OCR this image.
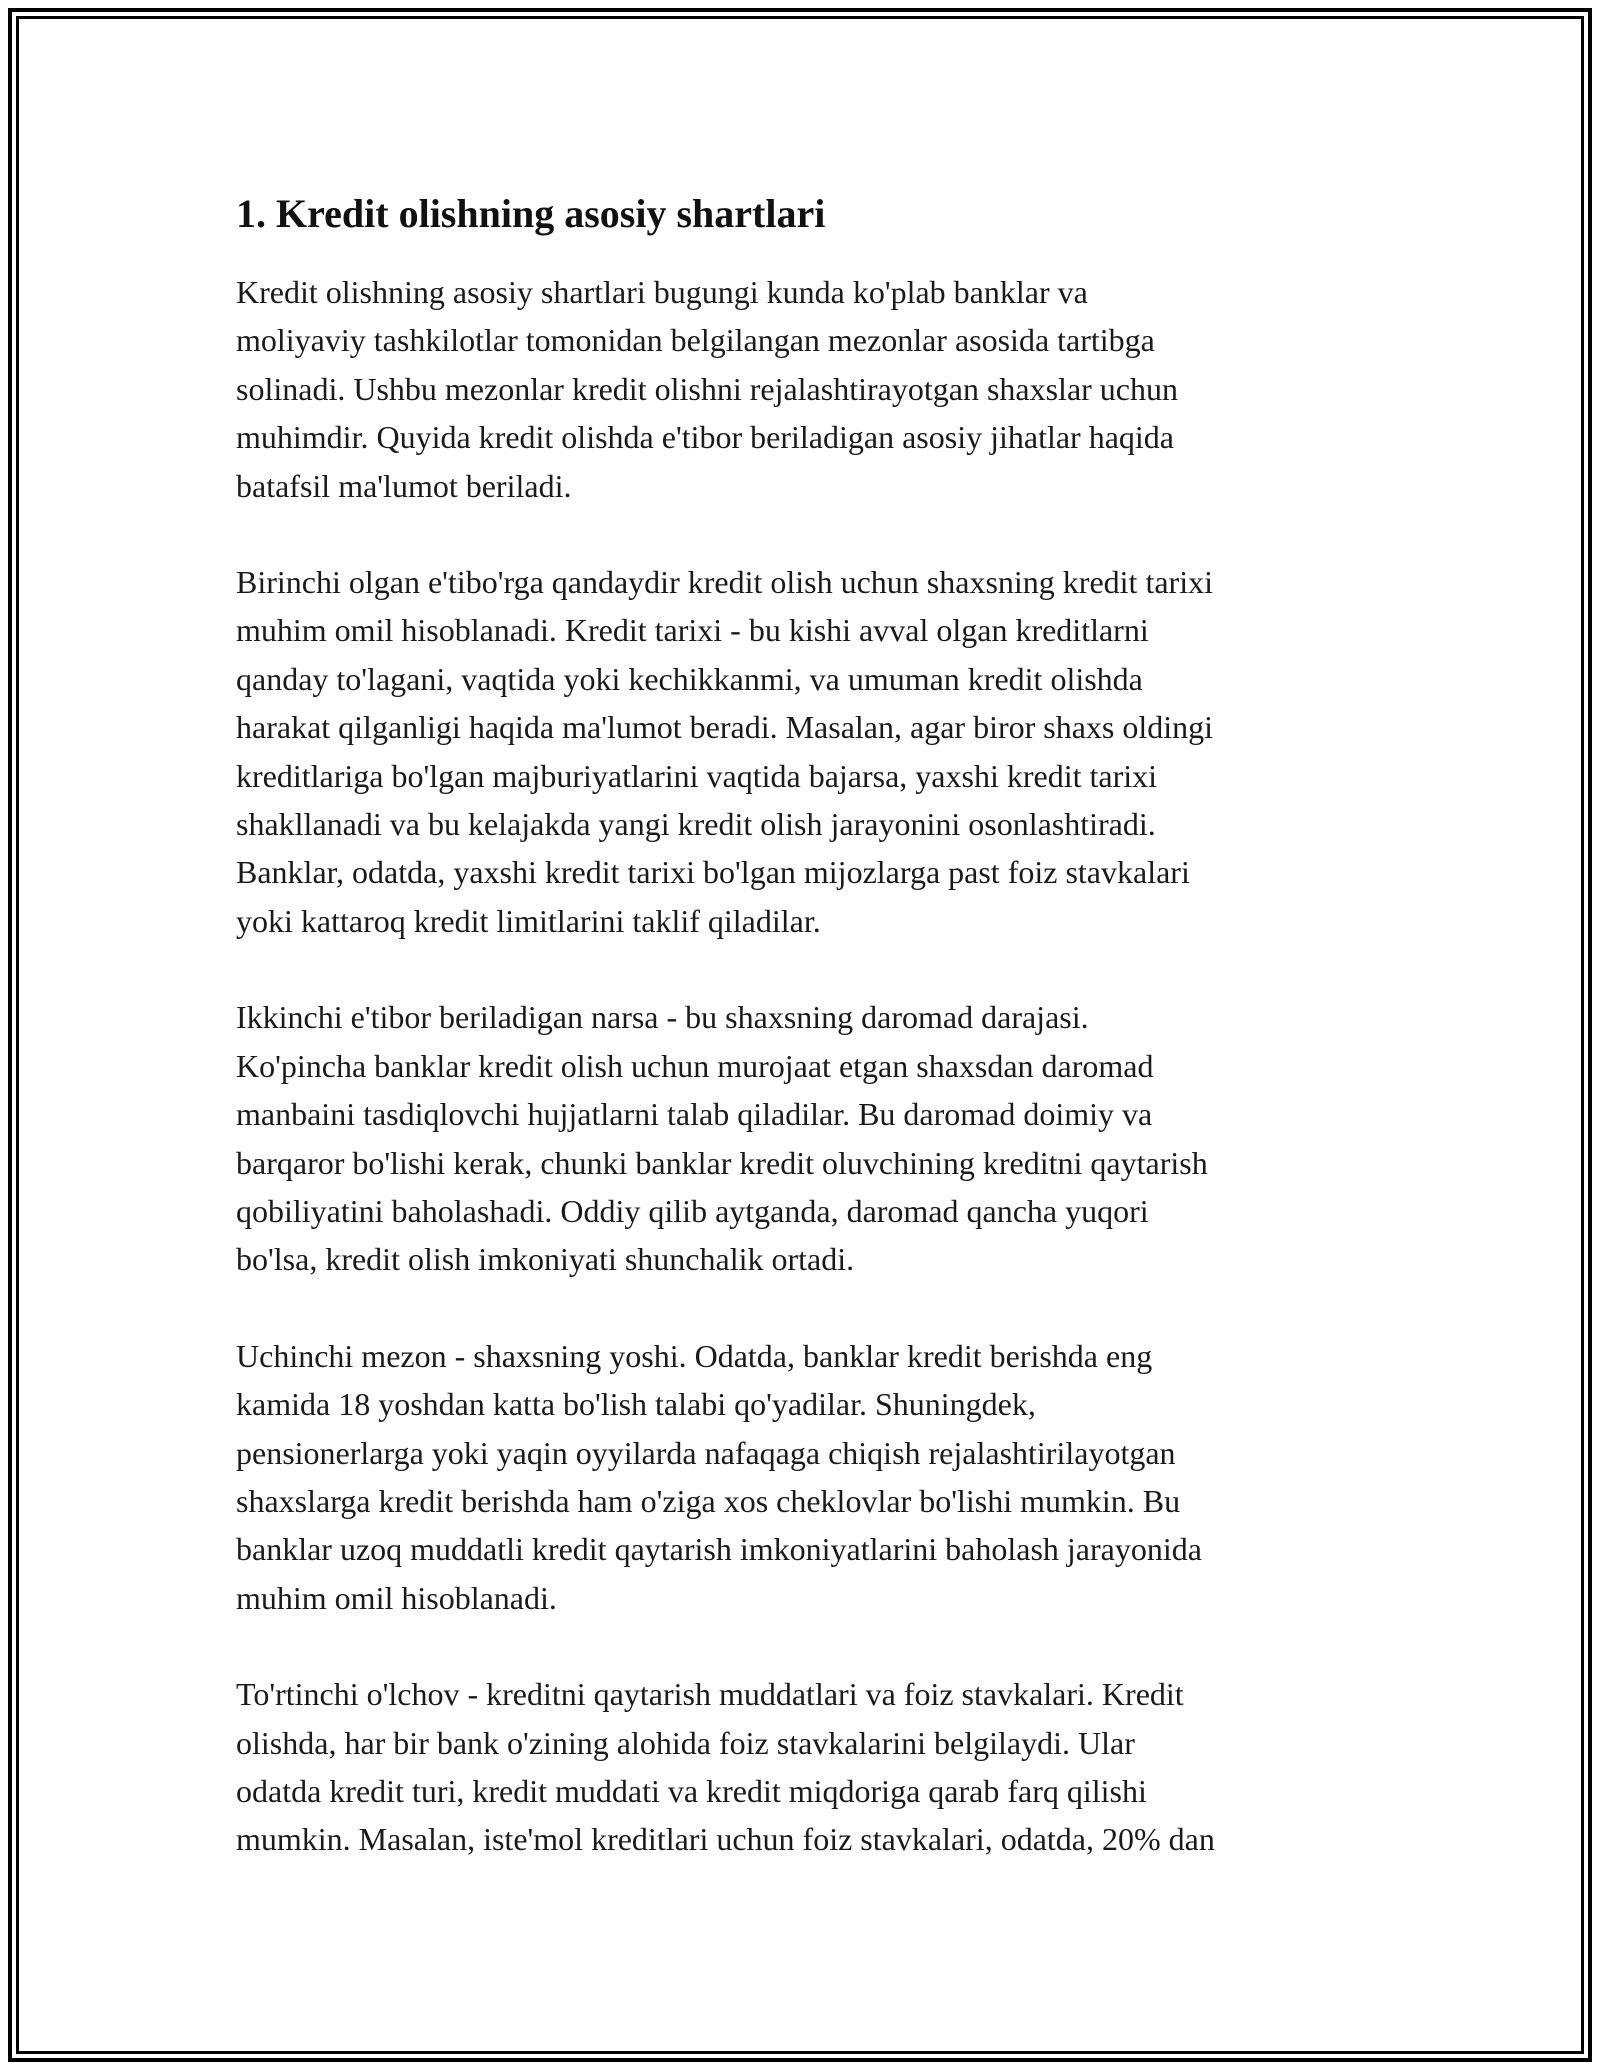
1. Kredit olishning asosiy shartlari

Kredit olishning asosiy shartlari bugungi kunda ko'plab banklar va
moliyaviy tashkilotlar tomonidan belgilangan mezonlar asosida tartibga
solinadi. Ushbu mezonlar kredit olishni rejalashtirayotgan shaxslar uchun
muhimdir. Quyida kredit olishda e'tibor beriladigan asosiy jihatlar haqida
batafsil ma'lumot beriladi.

Birinchi olgan e'tibo'rga qandaydir kredit olish uchun shaxsning kredit tarixi
muhim omil hisoblanadi. Kredit tarixi - bu kishi avval olgan kreditlarni
qanday to'lagani, vaqtida yoki kechikkanmi, va umuman kredit olishda
harakat qilganligi haqida ma'lumot beradi. Masalan, agar biror shaxs oldingi
kreditlariga bo'lgan majburiyatlarini vaqtida bajarsa, yaxshi kredit tarixi
shakllanadi va bu kelajakda yangi kredit olish jarayonini osonlashtiradi.
Banklar, odatda, yaxshi kredit tarixi bo'lgan mijozlarga past foiz stavkalari
yoki kattaroq kredit limitlarini taklif qiladilar.

Ikkinchi e'tibor beriladigan narsa - bu shaxsning daromad darajasi.
Ko'pincha banklar kredit olish uchun murojaat etgan shaxsdan daromad
manbaini tasdiqlovchi hujjatlarni talab qiladilar. Bu daromad doimiy va
barqaror bo'lishi kerak, chunki banklar kredit oluvchining kreditni qaytarish
qobiliyatini baholashadi. Oddiy qilib aytganda, daromad qancha yuqori
bo'lsa, kredit olish imkoniyati shunchalik ortadi.

Uchinchi mezon - shaxsning yoshi. Odatda, banklar kredit berishda eng
kamida 18 yoshdan katta bo'lish talabi qo'yadilar. Shuningdek,
pensionerlarga yoki yaqin oyyilarda nafaqaga chiqish rejalashtirilayotgan
shaxslarga kredit berishda ham o'ziga xos cheklovlar bo'lishi mumkin. Bu
banklar uzoq muddatli kredit qaytarish imkoniyatlarini baholash jarayonida
muhim omil hisoblanadi.

To'rtinchi o'lchov - kreditni qaytarish muddatlari va foiz stavkalari. Kredit
olishda, har bir bank o'zining alohida foiz stavkalarini belgilaydi. Ular
odatda kredit turi, kredit muddati va kredit miqdoriga qarab farq qilishi
mumkin. Masalan, iste'mol kreditlari uchun foiz stavkalari, odatda, 20% dan
